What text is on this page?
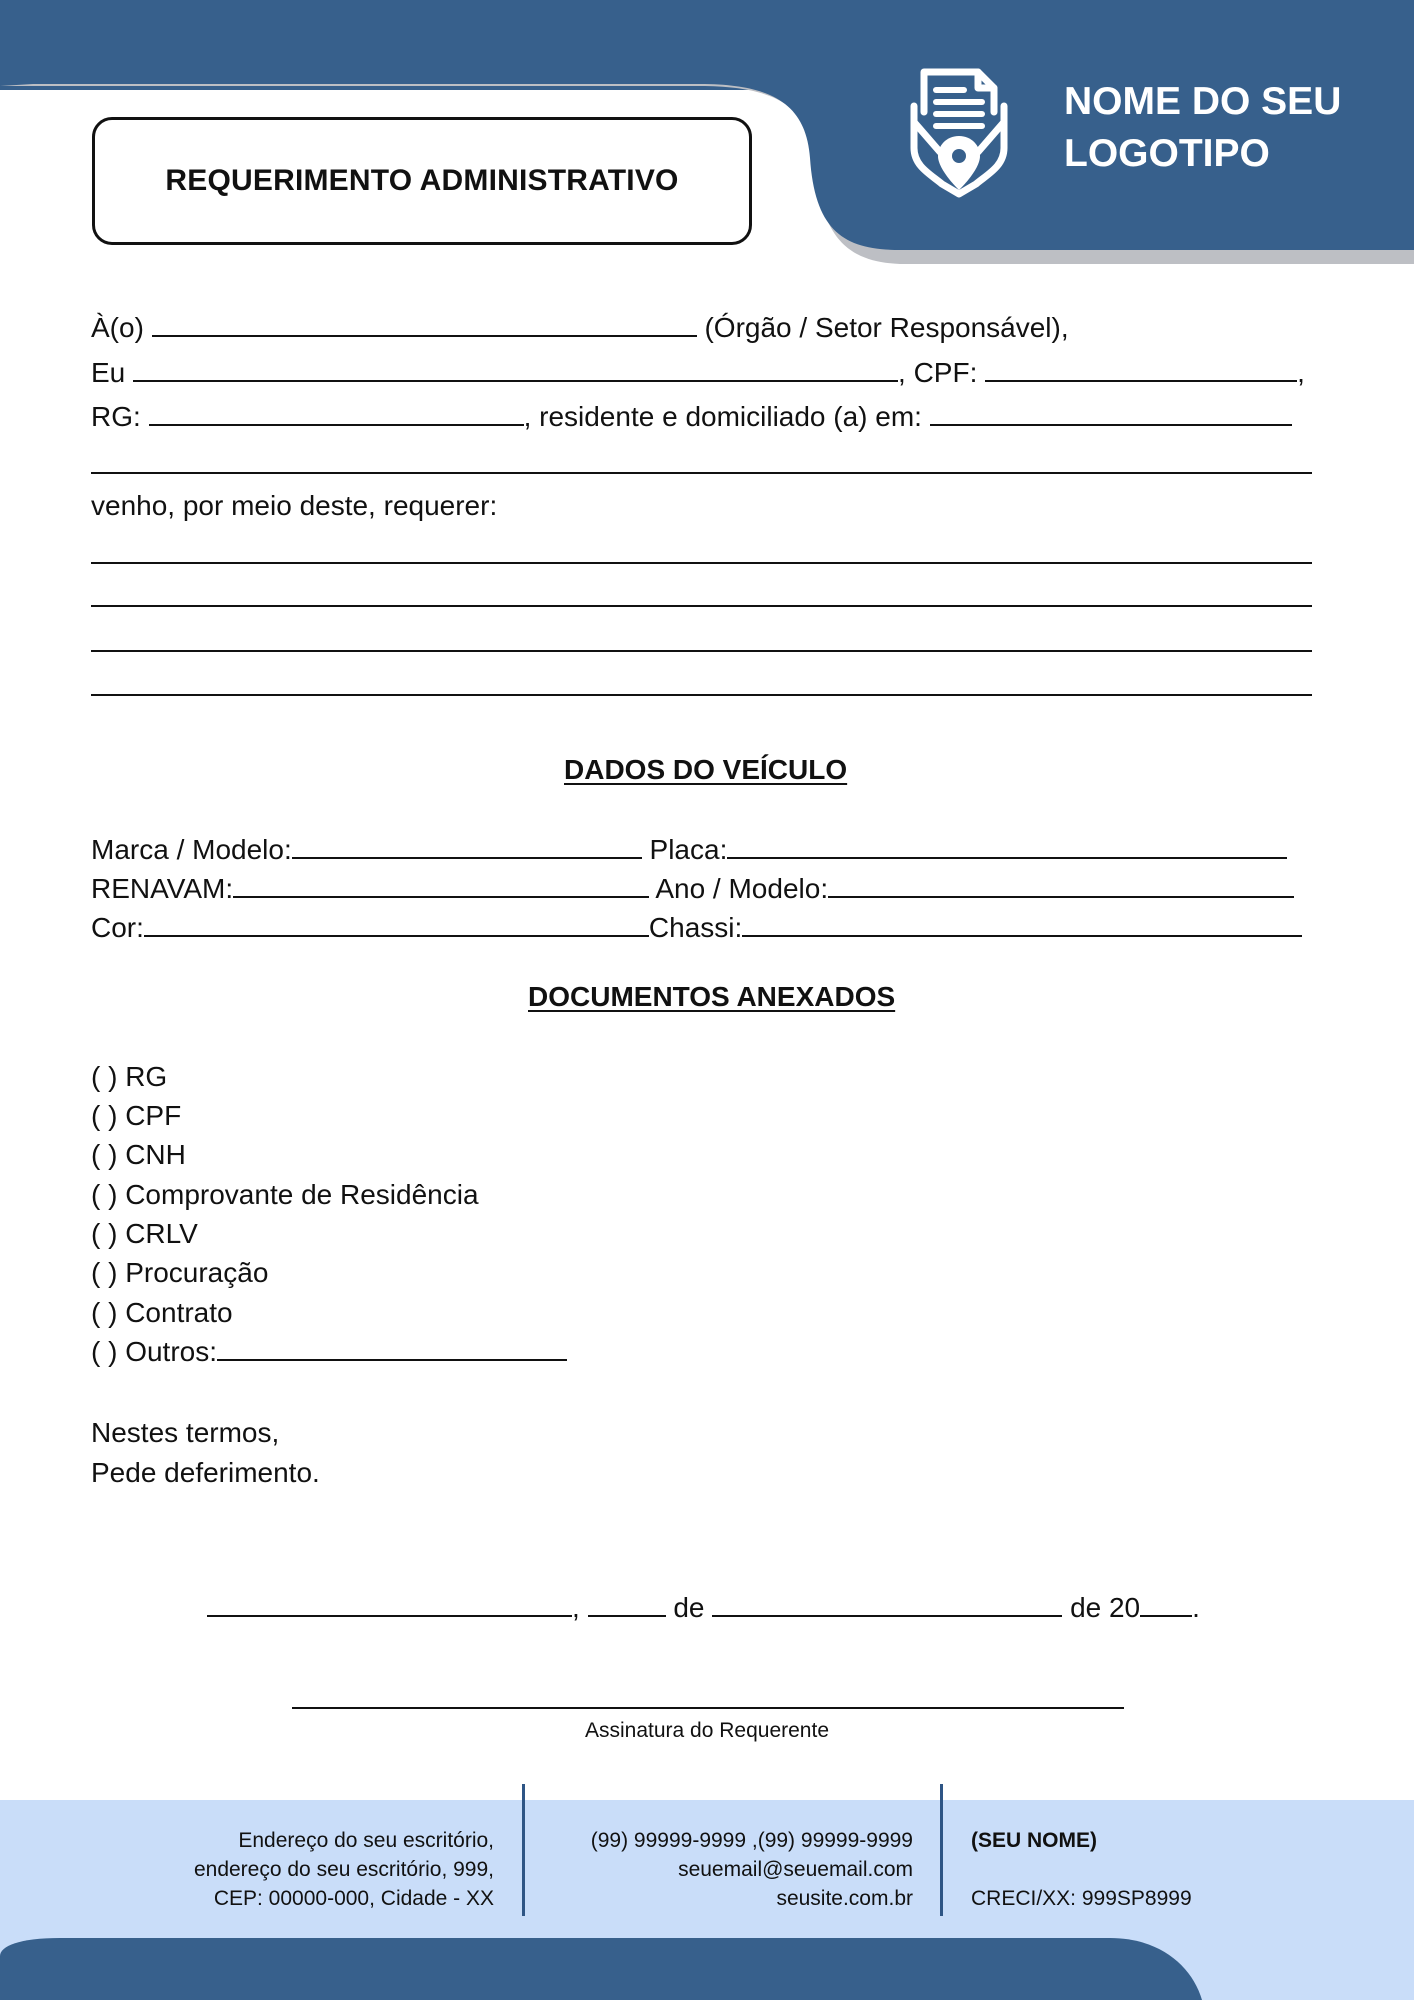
REQUERIMENTO ADMINISTRATIVO
NOME DO SEU
LOGOTIPO
À(o)	(Órgão / Setor Responsável),
Eu	, CPF:	,
RG:	, residente e domiciliado (a) em:
venho, por meio deste, requerer:
DADOS DO VEÍCULO
Marca / Modelo:	Placa:
RENAVAM:	Ano / Modelo:
Cor:	Chassi:
DOCUMENTOS ANEXADOS
( ) RG
( ) CPF
( ) CNH
( ) Comprovante de Residência
( ) CRLV
( ) Procuração
( ) Contrato
( ) Outros:
Nestes termos,
Pede deferimento.
,	de	de 20 .
Assinatura do Requerente
Endereço do seu escritório,
endereço do seu escritório, 999,
CEP: 00000-000, Cidade - XX
(99) 99999-9999 ,(99) 99999-9999
seuemail@seuemail.com
seusite.com.br
(SEU NOME)
CRECI/XX: 999SP8999
